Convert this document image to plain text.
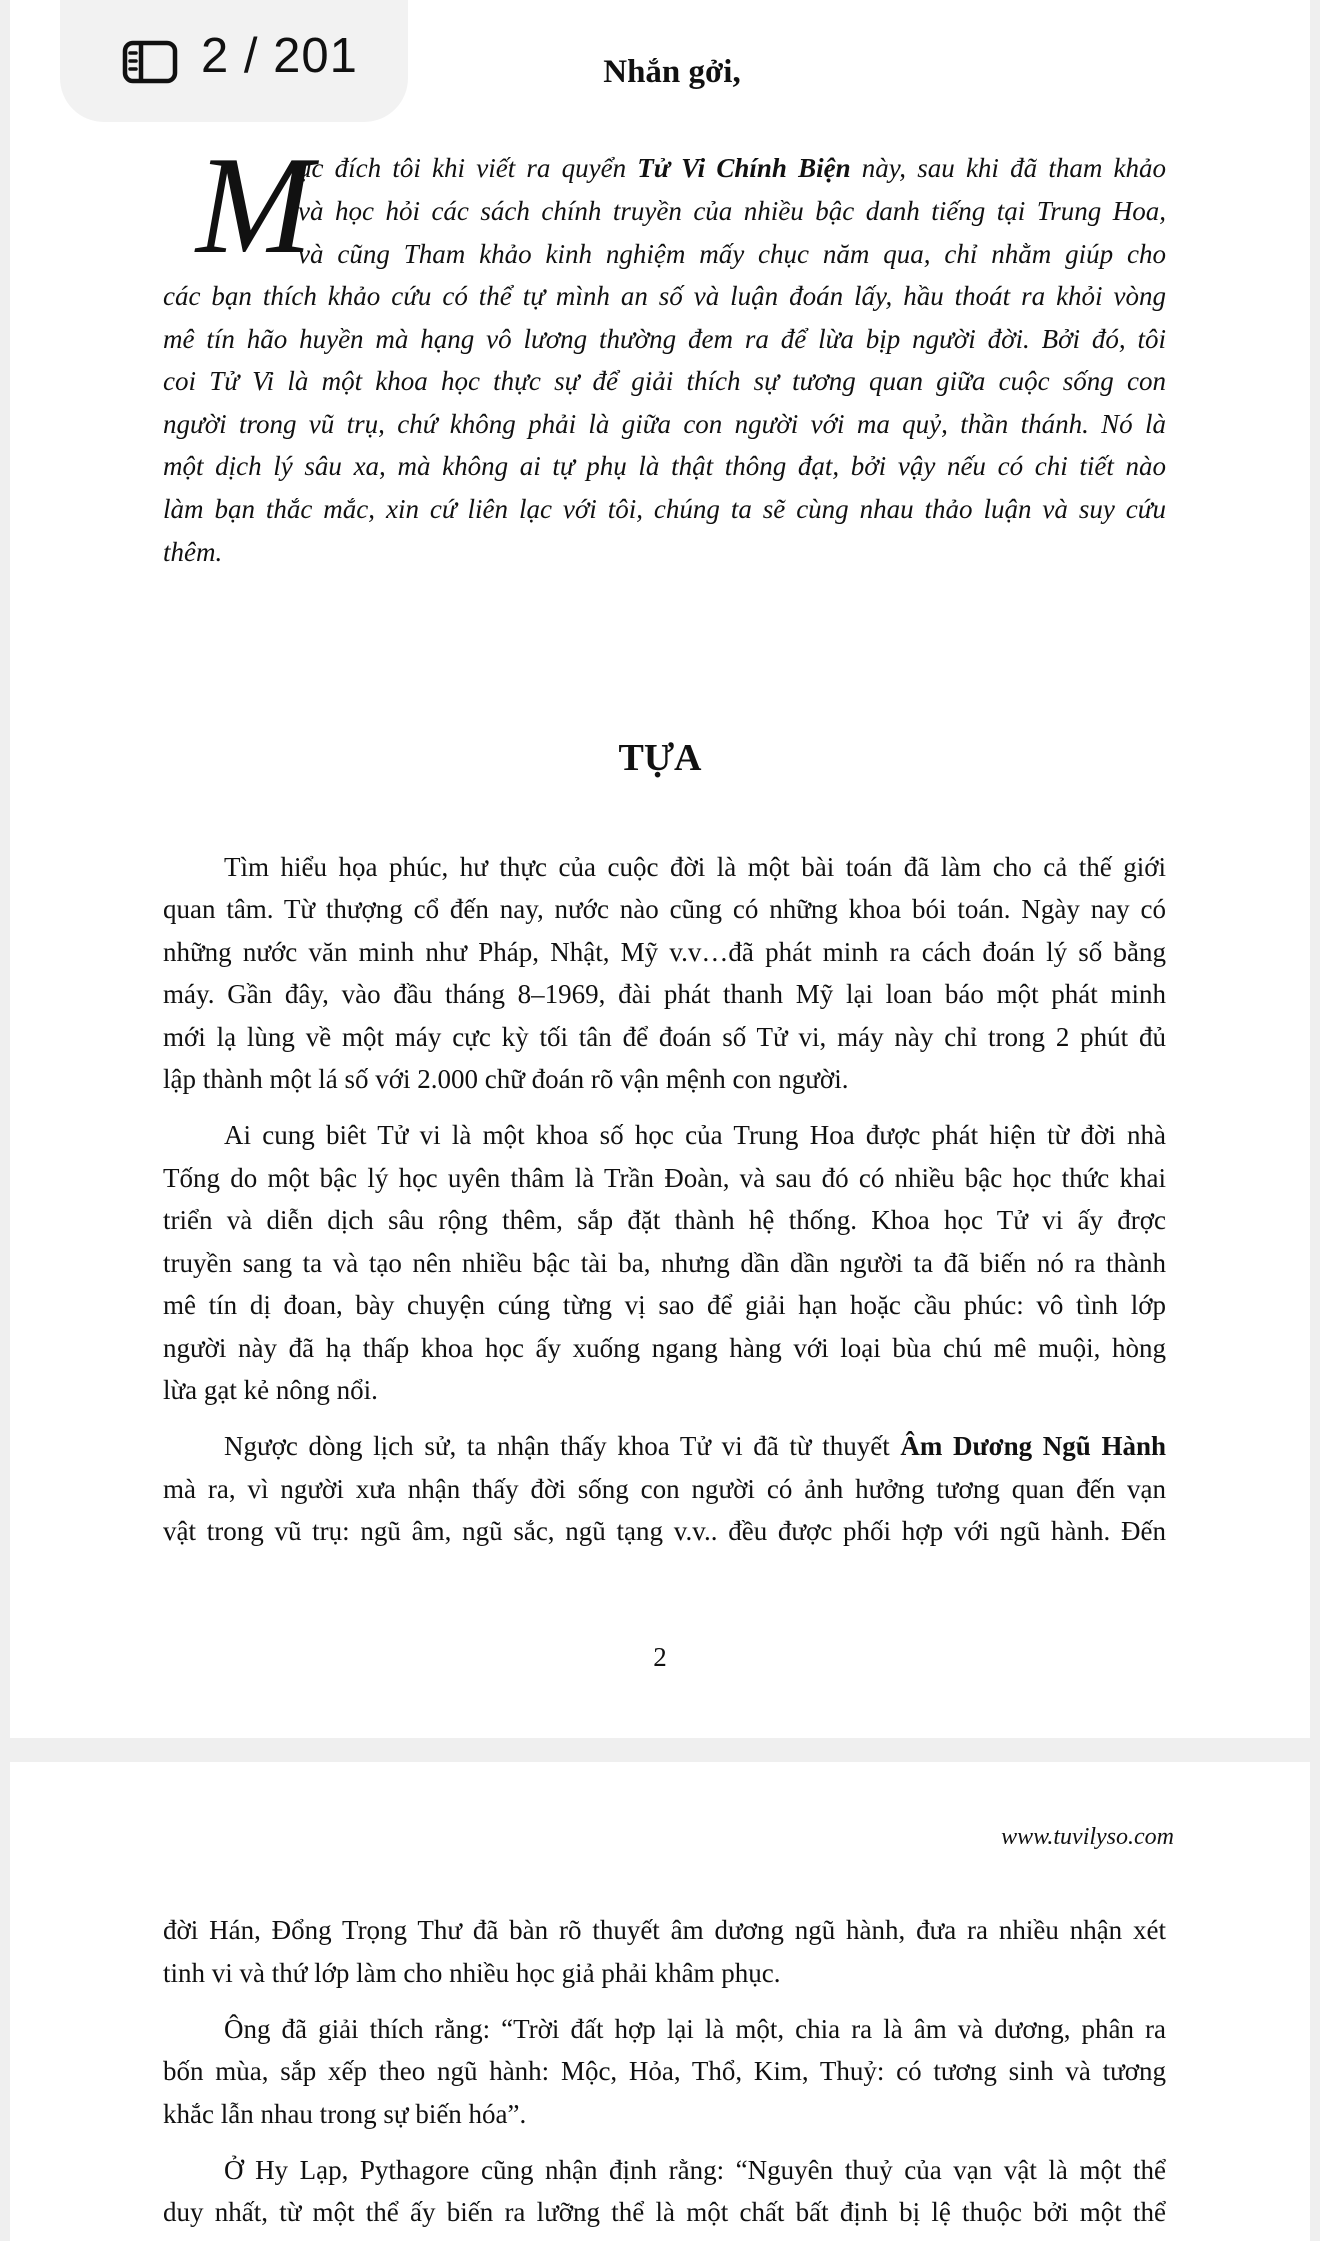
Nhắn gởi,
M
ục đích tôi khi viết ra quyển Tử Vi Chính Biện này, sau khi đã tham khảo
và học hỏi các sách chính truyền của nhiều bậc danh tiếng tại Trung Hoa,
và cũng Tham khảo kinh nghiệm mấy chục năm qua, chỉ nhằm giúp cho
các bạn thích khảo cứu có thể tự mình an số và luận đoán lấy, hầu thoát ra khỏi vòng
mê tín hão huyền mà hạng vô lương thường đem ra để lừa bịp người đời. Bởi đó, tôi
coi Tử Vi là một khoa học thực sự để giải thích sự tương quan giữa cuộc sống con
người trong vũ trụ, chứ không phải là giữa con người với ma quỷ, thần thánh. Nó là
một dịch lý sâu xa, mà không ai tự phụ là thật thông đạt, bởi vậy nếu có chi tiết nào
làm bạn thắc mắc, xin cứ liên lạc với tôi, chúng ta sẽ cùng nhau thảo luận và suy cứu
thêm.
TỰA
Tìm hiểu họa phúc, hư thực của cuộc đời là một bài toán đã làm cho cả thế giới
quan tâm. Từ thượng cổ đến nay, nước nào cũng có những khoa bói toán. Ngày nay có
những nước văn minh như Pháp, Nhật, Mỹ v.v…đã phát minh ra cách đoán lý số bằng
máy. Gần đây, vào đầu tháng 8–1969, đài phát thanh Mỹ lại loan báo một phát minh
mới lạ lùng về một máy cực kỳ tối tân để đoán số Tử vi, máy này chỉ trong 2 phút đủ
lập thành một lá số với 2.000 chữ đoán rõ vận mệnh con người.
Ai cung biêt Tử vi là một khoa số học của Trung Hoa được phát hiện từ đời nhà
Tống do một bậc lý học uyên thâm là Trần Đoàn, và sau đó có nhiều bậc học thức khai
triển và diễn dịch sâu rộng thêm, sắp đặt thành hệ thống. Khoa học Tử vi ấy đrợc
truyền sang ta và tạo nên nhiều bậc tài ba, nhưng dần dần người ta đã biến nó ra thành
mê tín dị đoan, bày chuyện cúng từng vị sao để giải hạn hoặc cầu phúc: vô tình lớp
người này đã hạ thấp khoa học ấy xuống ngang hàng với loại bùa chú mê muội, hòng
lừa gạt kẻ nông nổi.
Ngược dòng lịch sử, ta nhận thấy khoa Tử vi đã từ thuyết Âm Dương Ngũ Hành
mà ra, vì người xưa nhận thấy đời sống con người có ảnh hưởng tương quan đến vạn
vật trong vũ trụ: ngũ âm, ngũ sắc, ngũ tạng v.v.. đều được phối hợp với ngũ hành. Đến
2
www.tuvilyso.com
đời Hán, Đổng Trọng Thư đã bàn rõ thuyết âm dương ngũ hành, đưa ra nhiều nhận xét
tinh vi và thứ lớp làm cho nhiều học giả phải khâm phục.
Ông đã giải thích rằng: “Trời đất hợp lại là một, chia ra là âm và dương, phân ra
bốn mùa, sắp xếp theo ngũ hành: Mộc, Hỏa, Thổ, Kim, Thuỷ: có tương sinh và tương
khắc lẫn nhau trong sự biến hóa”.
Ở Hy Lạp, Pythagore cũng nhận định rằng: “Nguyên thuỷ của vạn vật là một thể
duy nhất, từ một thể ấy biến ra lưỡng thể là một chất bất định bị lệ thuộc bởi một thể
2 / 201
